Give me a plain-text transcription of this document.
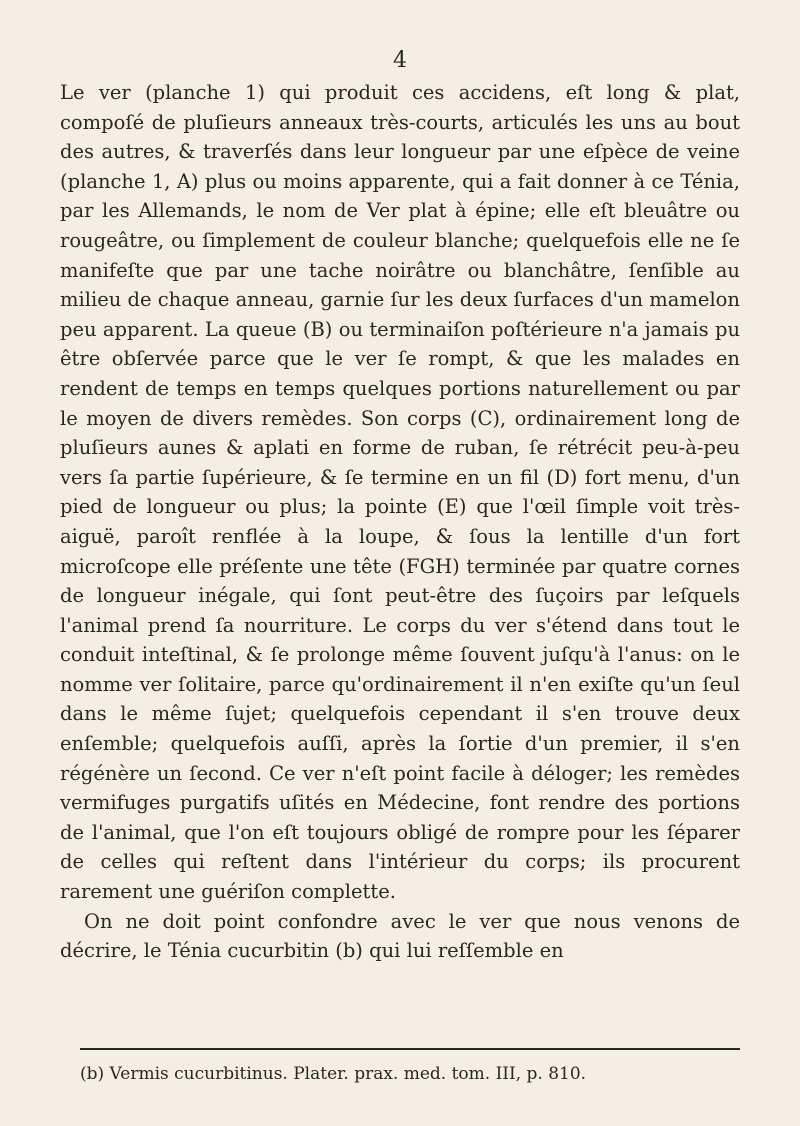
4

Le ver (planche 1) qui produit ces accidens, eſt long & plat, compoſé de pluſieurs anneaux très-courts, articulés les uns au bout des autres, & traverſés dans leur longueur par une eſpèce de veine (planche 1, A) plus ou moins apparente, qui a fait donner à ce Ténia, par les Allemands, le nom de Ver plat à épine; elle eſt bleuâtre ou rougeâtre, ou ſimplement de couleur blanche; quelquefois elle ne ſe manifeſte que par une tache noirâtre ou blanchâtre, ſenſible au milieu de chaque anneau, garnie ſur les deux ſurfaces d'un mamelon peu apparent. La queue (B) ou terminaiſon poſtérieure n'a jamais pu être obſervée parce que le ver ſe rompt, & que les malades en rendent de temps en temps quelques portions naturellement ou par le moyen de divers remèdes. Son corps (C), ordinairement long de pluſieurs aunes & aplati en forme de ruban, ſe rétrécit peu-à-peu vers ſa partie ſupérieure, & ſe termine en un fil (D) fort menu, d'un pied de longueur ou plus; la pointe (E) que l'œil ſimple voit très-aiguë, paroît renflée à la loupe, & ſous la lentille d'un fort microſcope elle préſente une tête (FGH) terminée par quatre cornes de longueur inégale, qui ſont peut-être des ſuçoirs par leſquels l'animal prend ſa nourriture. Le corps du ver s'étend dans tout le conduit inteſtinal, & ſe prolonge même ſouvent juſqu'à l'anus: on le nomme ver ſolitaire, parce qu'ordinairement il n'en exiſte qu'un ſeul dans le même ſujet; quelquefois cependant il s'en trouve deux enſemble; quelquefois auſſi, après la ſortie d'un premier, il s'en régénère un ſecond. Ce ver n'eſt point facile à déloger; les remèdes vermifuges purgatifs uſités en Médecine, font rendre des portions de l'animal, que l'on eſt toujours obligé de rompre pour les ſéparer de celles qui reſtent dans l'intérieur du corps; ils procurent rarement une guériſon complette.

On ne doit point confondre avec le ver que nous venons de décrire, le Ténia cucurbitin (b) qui lui reſſemble en

(b) Vermis cucurbitinus. Plater. prax. med. tom. III, p. 810.
